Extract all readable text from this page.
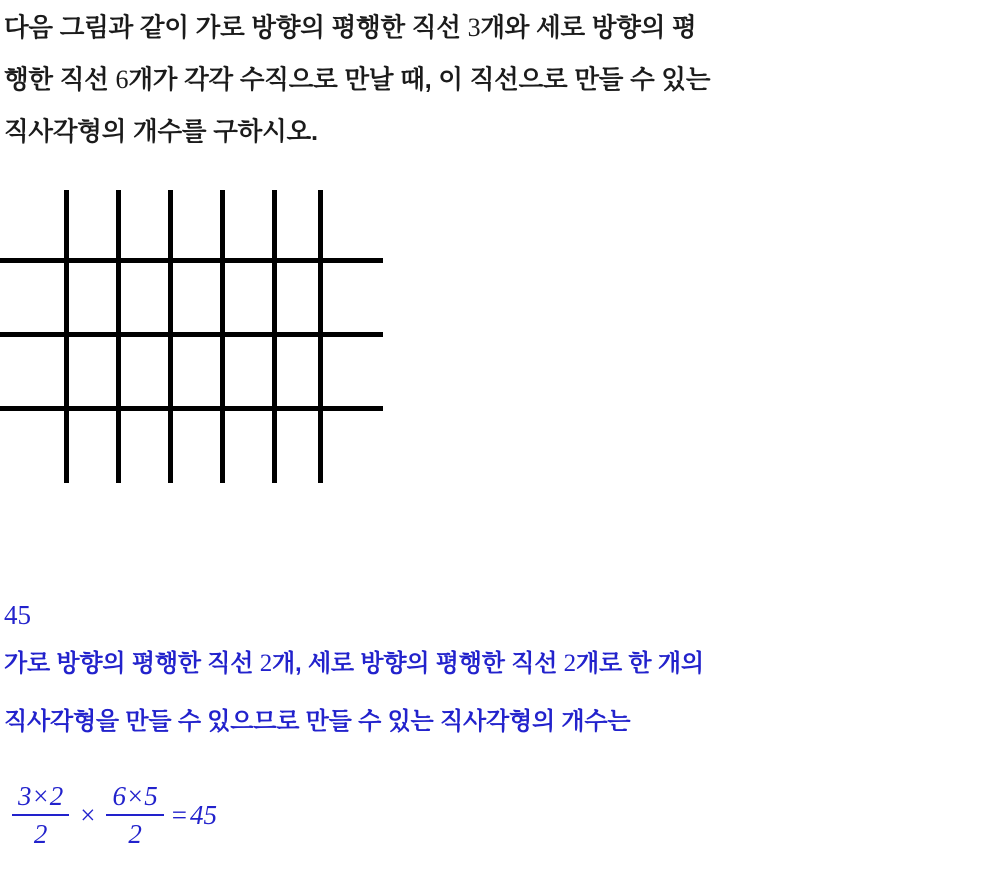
다음 그림과 같이 가로 방향의 평행한 직선 3개와 세로 방향의 평
행한 직선 6개가 각각 수직으로 만날 때, 이 직선으로 만들 수 있는
직사각형의 개수를 구하시오.
45
가로 방향의 평행한 직선 2개, 세로 방향의 평행한 직선 2개로 한 개의
직사각형을 만들 수 있으므로 만들 수 있는 직사각형의 개수는
$\frac{3\times 2}{2} \times \frac{6\times 5}{2} = 45$
